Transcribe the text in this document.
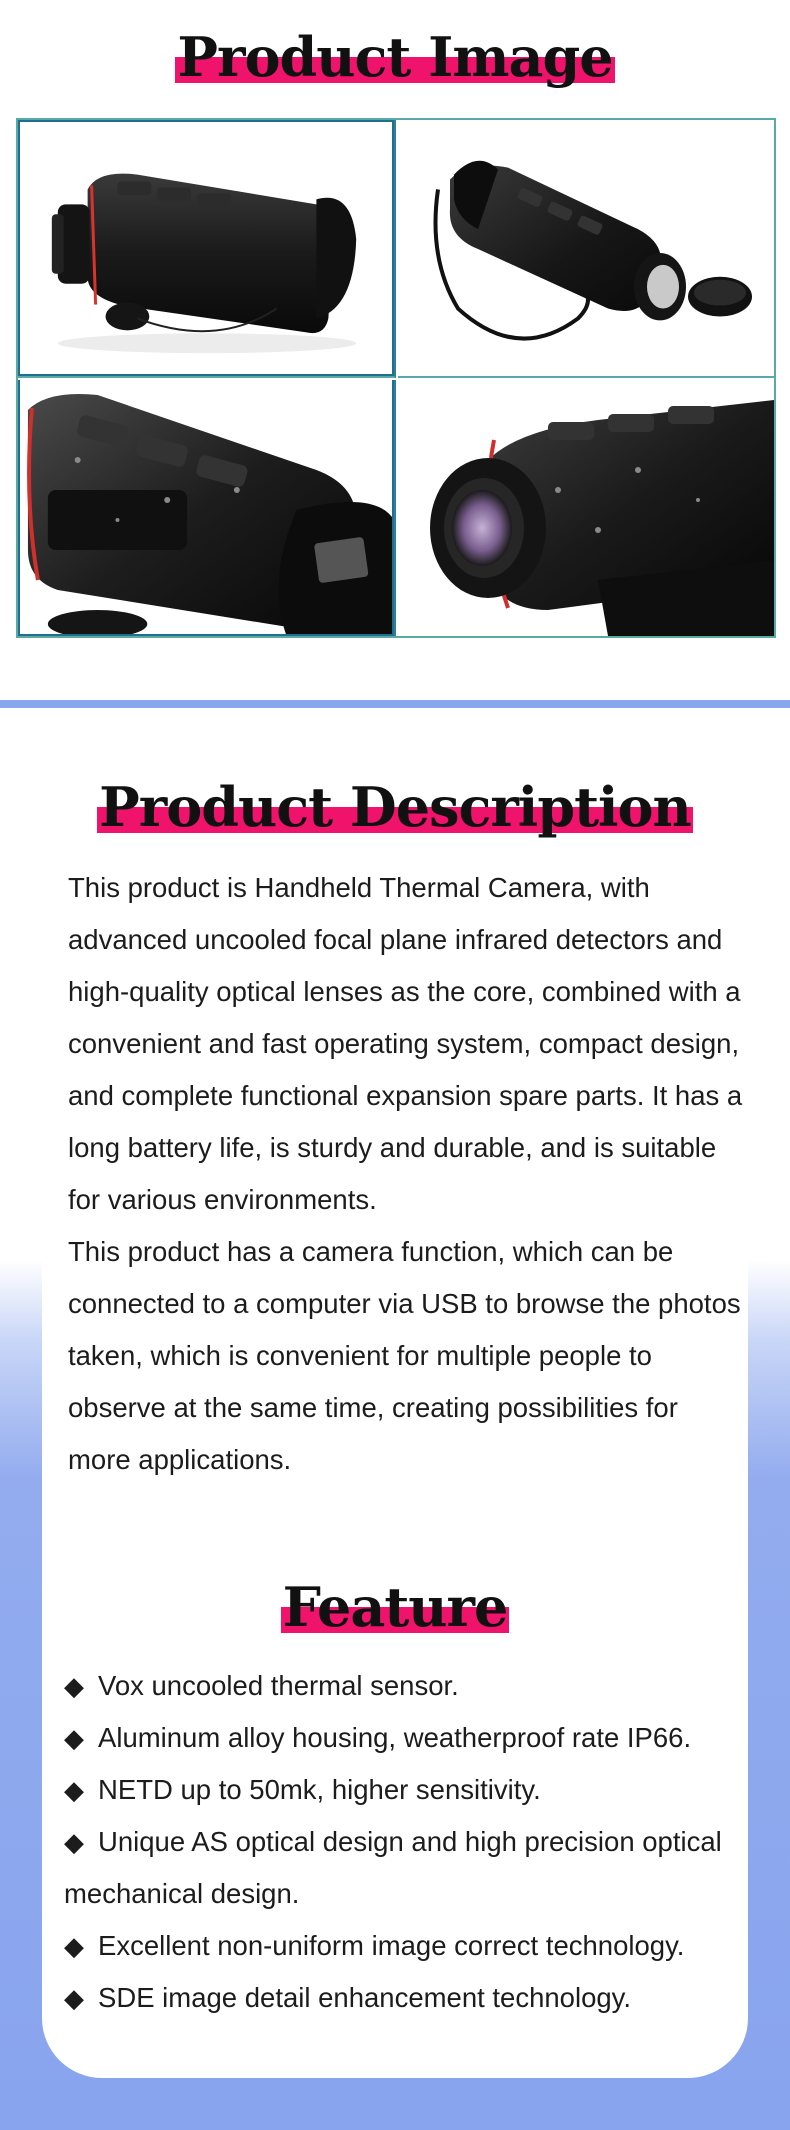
Product Image
Product Description

This product is Handheld Thermal Camera, with advanced uncooled focal plane infrared detectors and high-quality optical lenses as the core, combined with a convenient and fast operating system, compact design, and complete functional expansion spare parts. It has a long battery life, is sturdy and durable, and is suitable for various environments.

This product has a camera function, which can be connected to a computer via USB to browse the photos taken, which is convenient for multiple people to observe at the same time, creating possibilities for more applications.

Feature
◆ Vox uncooled thermal sensor.
◆ Aluminum alloy housing, weatherproof rate IP66.
◆ NETD up to 50mk, higher sensitivity.
◆ Unique AS optical design and high precision optical mechanical design.
◆ Excellent non-uniform image correct technology.
◆ SDE image detail enhancement technology.
